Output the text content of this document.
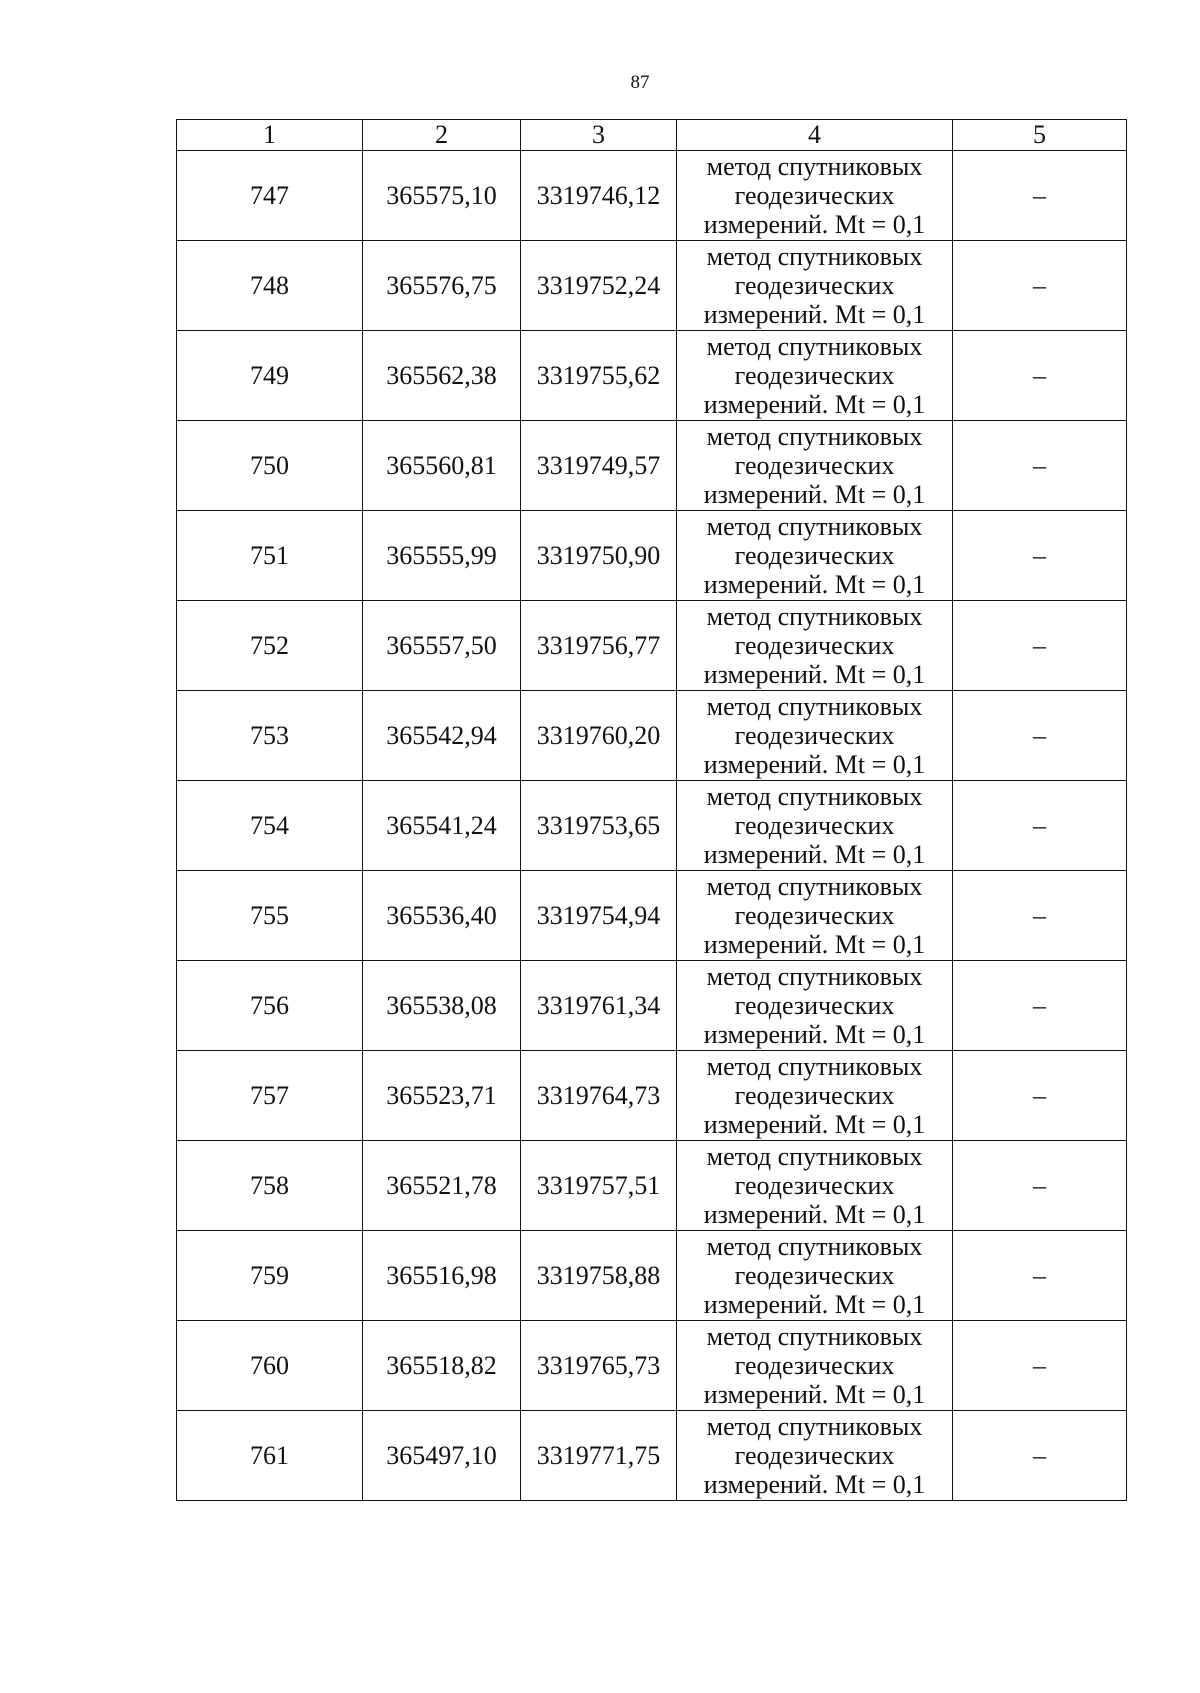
87
1	2	3	4	5
747	365575,10	3319746,12	метод спутниковых
геодезических
измерений. Mt = 0,1	–
748	365576,75	3319752,24	метод спутниковых
геодезических
измерений. Mt = 0,1	–
749	365562,38	3319755,62	метод спутниковых
геодезических
измерений. Mt = 0,1	–
750	365560,81	3319749,57	метод спутниковых
геодезических
измерений. Mt = 0,1	–
751	365555,99	3319750,90	метод спутниковых
геодезических
измерений. Mt = 0,1	–
752	365557,50	3319756,77	метод спутниковых
геодезических
измерений. Mt = 0,1	–
753	365542,94	3319760,20	метод спутниковых
геодезических
измерений. Mt = 0,1	–
754	365541,24	3319753,65	метод спутниковых
геодезических
измерений. Mt = 0,1	–
755	365536,40	3319754,94	метод спутниковых
геодезических
измерений. Mt = 0,1	–
756	365538,08	3319761,34	метод спутниковых
геодезических
измерений. Mt = 0,1	–
757	365523,71	3319764,73	метод спутниковых
геодезических
измерений. Mt = 0,1	–
758	365521,78	3319757,51	метод спутниковых
геодезических
измерений. Mt = 0,1	–
759	365516,98	3319758,88	метод спутниковых
геодезических
измерений. Mt = 0,1	–
760	365518,82	3319765,73	метод спутниковых
геодезических
измерений. Mt = 0,1	–
761	365497,10	3319771,75	метод спутниковых
геодезических
измерений. Mt = 0,1	–
